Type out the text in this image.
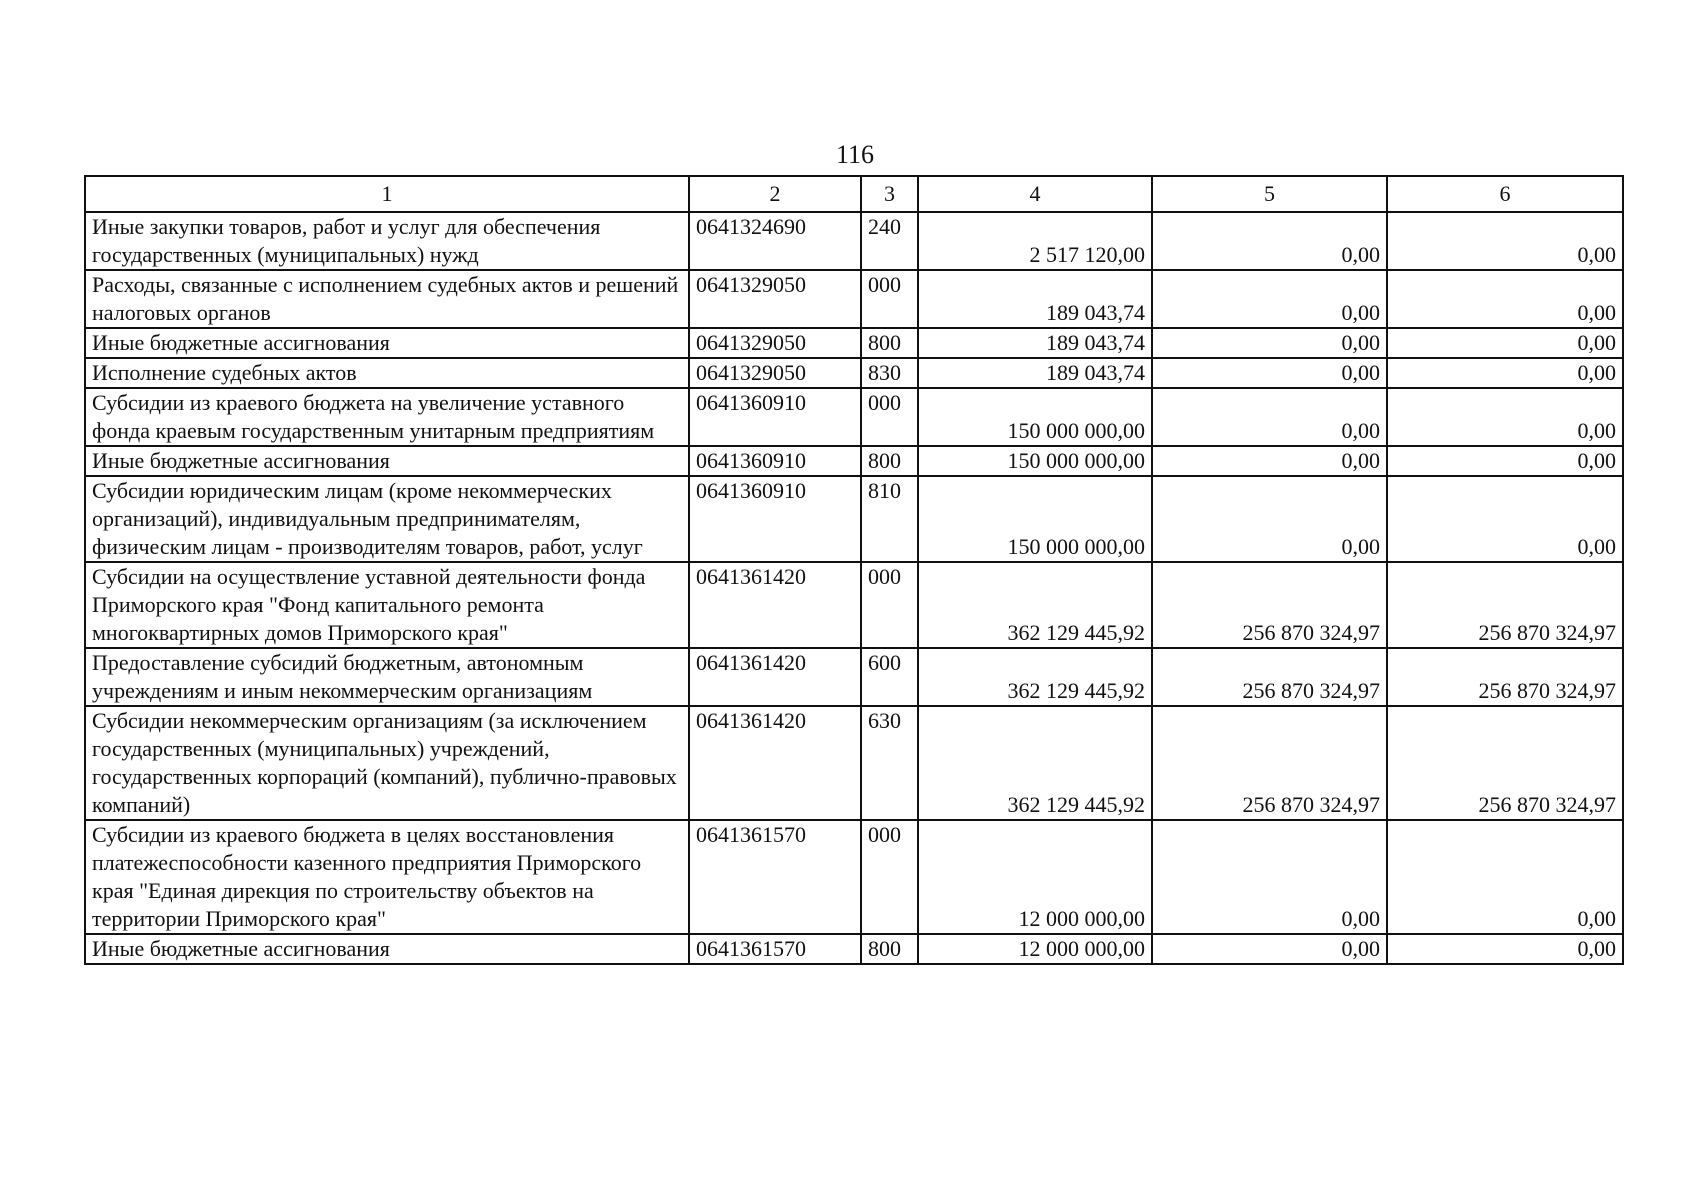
116
1	2	3	4	5	6
Иные закупки товаров, работ и услуг для обеспечения государственных (муниципальных) нужд	0641324690	240	2 517 120,00	0,00	0,00
Расходы, связанные с исполнением судебных актов и решений налоговых органов	0641329050	000	189 043,74	0,00	0,00
Иные бюджетные ассигнования	0641329050	800	189 043,74	0,00	0,00
Исполнение судебных актов	0641329050	830	189 043,74	0,00	0,00
Субсидии из краевого бюджета на увеличение уставного фонда краевым государственным унитарным предприятиям	0641360910	000	150 000 000,00	0,00	0,00
Иные бюджетные ассигнования	0641360910	800	150 000 000,00	0,00	0,00
Субсидии юридическим лицам (кроме некоммерческих организаций), индивидуальным предпринимателям, физическим лицам - производителям товаров, работ, услуг	0641360910	810	150 000 000,00	0,00	0,00
Субсидии на осуществление уставной деятельности фонда Приморского края "Фонд капитального ремонта многоквартирных домов Приморского края"	0641361420	000	362 129 445,92	256 870 324,97	256 870 324,97
Предоставление субсидий бюджетным, автономным учреждениям и иным некоммерческим организациям	0641361420	600	362 129 445,92	256 870 324,97	256 870 324,97
Субсидии некоммерческим организациям (за исключением государственных (муниципальных) учреждений, государственных корпораций (компаний), публично-правовых компаний)	0641361420	630	362 129 445,92	256 870 324,97	256 870 324,97
Субсидии из краевого бюджета в целях восстановления платежеспособности казенного предприятия Приморского края "Единая дирекция по строительству объектов на территории Приморского края"	0641361570	000	12 000 000,00	0,00	0,00
Иные бюджетные ассигнования	0641361570	800	12 000 000,00	0,00	0,00
